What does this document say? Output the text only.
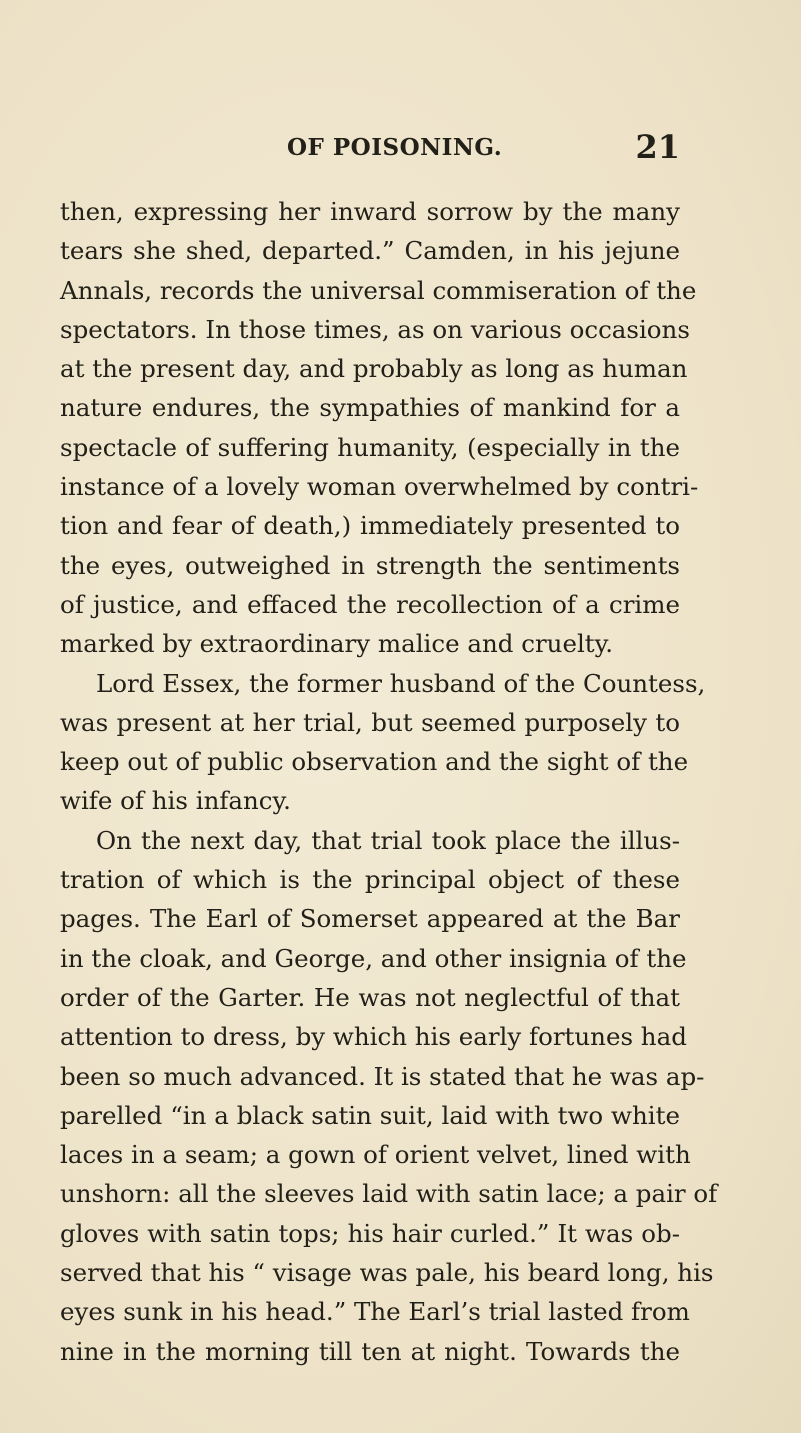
OF POISONING.	21
then, expressing her inward sorrow by the many
tears she shed, departed.” Camden, in his jejune
Annals, records the universal commiseration of the
spectators. In those times, as on various occasions
at the present day, and probably as long as human
nature endures, the sympathies of mankind for a
spectacle of suffering humanity, (especially in the
instance of a lovely woman overwhelmed by contri-
tion and fear of death,) immediately presented to
the eyes, outweighed in strength the sentiments
of justice, and effaced the recollection of a crime
marked by extraordinary malice and cruelty.
Lord Essex, the former husband of the Countess,
was present at her trial, but seemed purposely to
keep out of public observation and the sight of the
wife of his infancy.
On the next day, that trial took place the illus-
tration of which is the principal object of these
pages. The Earl of Somerset appeared at the Bar
in the cloak, and George, and other insignia of the
order of the Garter. He was not neglectful of that
attention to dress, by which his early fortunes had
been so much advanced. It is stated that he was ap-
parelled “in a black satin suit, laid with two white
laces in a seam; a gown of orient velvet, lined with
unshorn: all the sleeves laid with satin lace; a pair of
gloves with satin tops; his hair curled.” It was ob-
served that his “ visage was pale, his beard long, his
eyes sunk in his head.” The Earl’s trial lasted from
nine in the morning till ten at night. Towards the
